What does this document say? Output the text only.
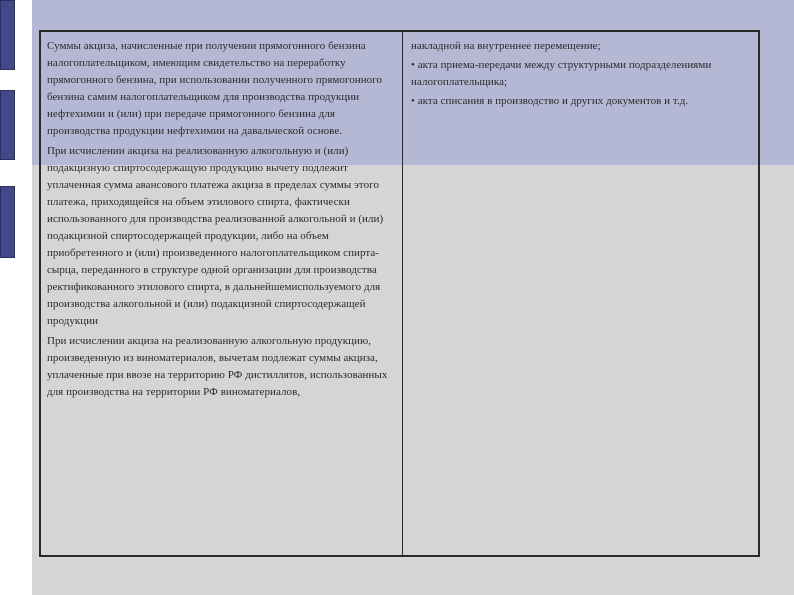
Суммы акциза, начисленные при получении прямогонного бензина налогоплательщиком, имеющим свидетельство на переработку прямогонного бензина, при использовании полученного прямогонного бензина самим налогоплательщиком для производства продукции нефтехимии и (или) при передаче прямогонного бензина для производства продукции нефтехимии на давальческой основе.

При исчислении акциза на реализованную алкогольную и (или) подакцизную спиртосодержащую продукцию вычету подлежит уплаченная сумма авансового платежа акциза в пределах суммы этого платежа, приходящейся на объем этилового спирта, фактически использованного для производства реализованной алкогольной и (или) подакцизной спиртосодержащей продукции, либо на объем приобретенного и (или) произведенного налогоплательщиком спирта-сырца, переданного в структуре одной организации для производства ректификованного этилового спирта, в дальнейшемиспользуемого для производства алкогольной и (или) подакцизной спиртосодержащей продукции

При исчислении акциза на реализованную алкогольную продукцию, произведенную из виноматериалов, вычетам подлежат суммы акциза, уплаченные при ввозе на территорию РФ дистиллятов, использованных для производства на территории РФ виноматериалов,

накладной на внутреннее перемещение;

• акта приема-передачи между структурными подразделениями налогоплательщика;

• акта списания в производство и других документов и т.д.
